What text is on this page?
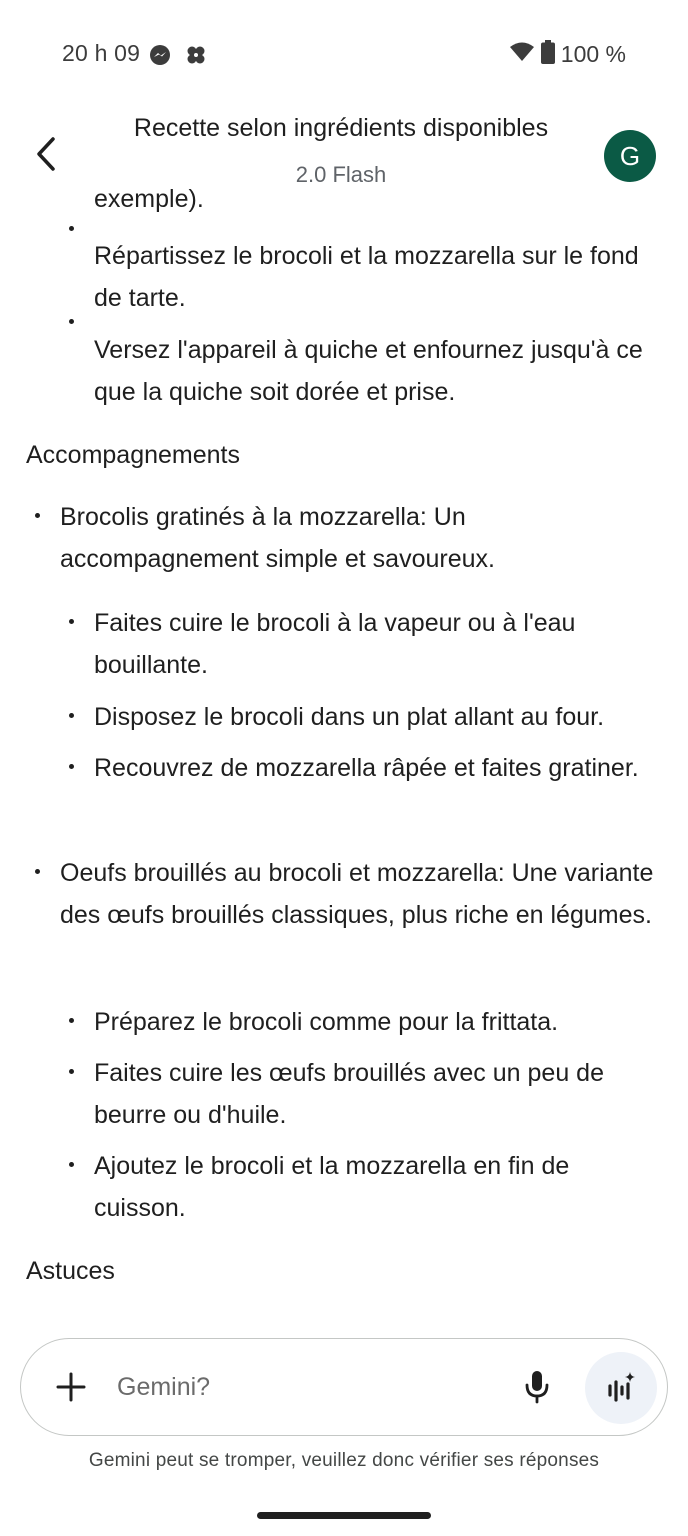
20 h 09	100 %
Recette selon ingrédients disponibles
2.0 Flash
G
exemple).
Répartissez le brocoli et la mozzarella sur le fond de tarte.
Versez l'appareil à quiche et enfournez jusqu'à ce que la quiche soit dorée et prise.
Accompagnements
Brocolis gratinés à la mozzarella: Un accompagnement simple et savoureux.
Faites cuire le brocoli à la vapeur ou à l'eau bouillante.
Disposez le brocoli dans un plat allant au four.
Recouvrez de mozzarella râpée et faites gratiner.
Oeufs brouillés au brocoli et mozzarella: Une variante des œufs brouillés classiques, plus riche en légumes.
Préparez le brocoli comme pour la frittata.
Faites cuire les œufs brouillés avec un peu de beurre ou d'huile.
Ajoutez le brocoli et la mozzarella en fin de cuisson.
Astuces
Gemini?
Gemini peut se tromper, veuillez donc vérifier ses réponses
